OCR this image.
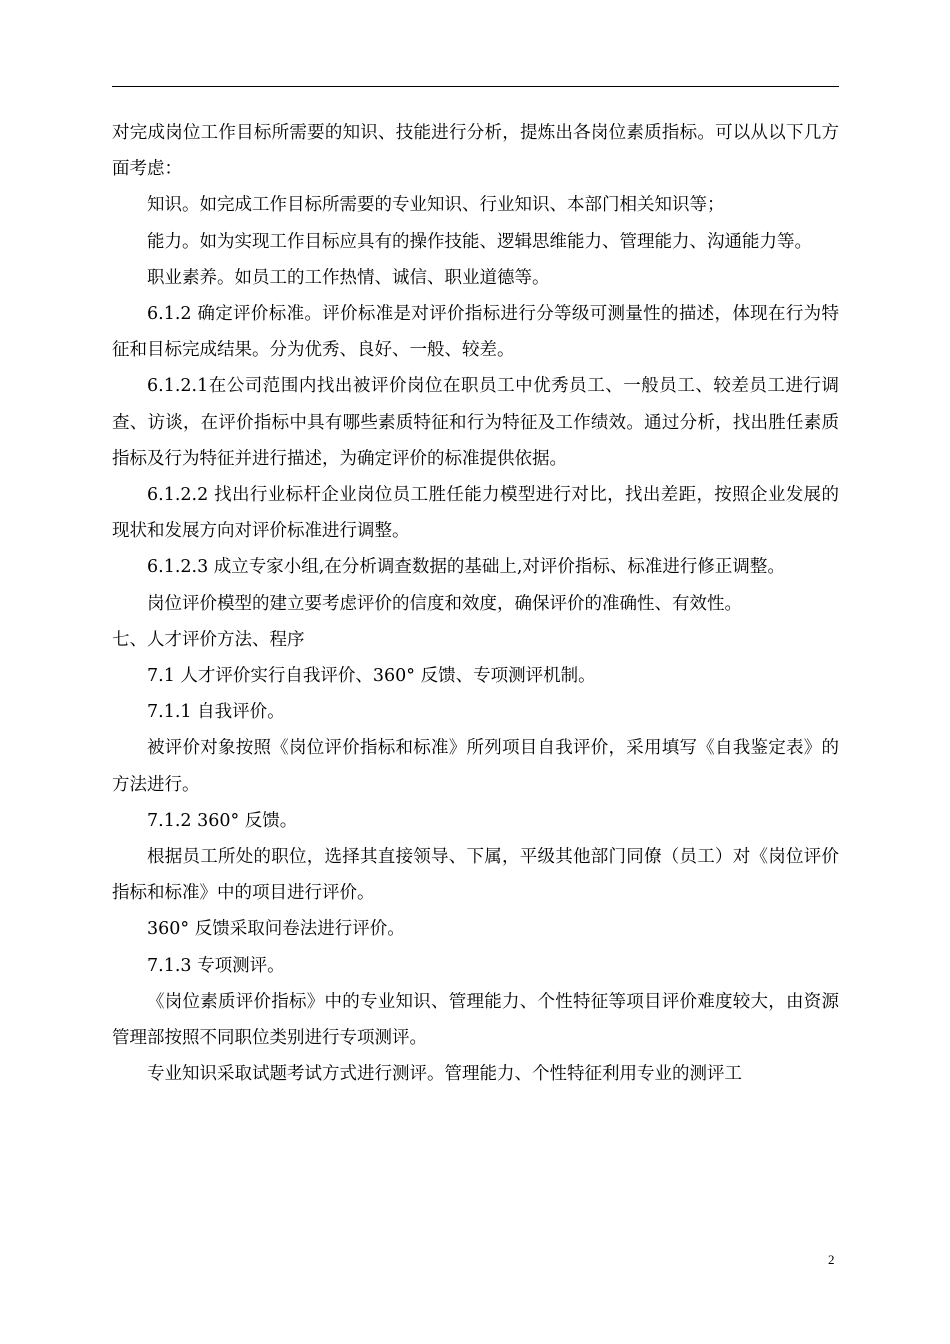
对完成岗位工作目标所需要的知识、技能进行分析，提炼出各岗位素质指标。可以从以下几方面考虑：

知识。如完成工作目标所需要的专业知识、行业知识、本部门相关知识等；

能力。如为实现工作目标应具有的操作技能、逻辑思维能力、管理能力、沟通能力等。

职业素养。如员工的工作热情、诚信、职业道德等。

6.1.2 确定评价标准。评价标准是对评价指标进行分等级可测量性的描述，体现在行为特征和目标完成结果。分为优秀、良好、一般、较差。

6.1.2.1在公司范围内找出被评价岗位在职员工中优秀员工、一般员工、较差员工进行调查、访谈，在评价指标中具有哪些素质特征和行为特征及工作绩效。通过分析，找出胜任素质指标及行为特征并进行描述，为确定评价的标准提供依据。

6.1.2.2 找出行业标杆企业岗位员工胜任能力模型进行对比，找出差距，按照企业发展的现状和发展方向对评价标准进行调整。

6.1.2.3 成立专家小组,在分析调查数据的基础上,对评价指标、标准进行修正调整。

岗位评价模型的建立要考虑评价的信度和效度，确保评价的准确性、有效性。

七、人才评价方法、程序

7.1 人才评价实行自我评价、360° 反馈、专项测评机制。

7.1.1 自我评价。

被评价对象按照《岗位评价指标和标准》所列项目自我评价，采用填写《自我鉴定表》的方法进行。

7.1.2 360° 反馈。

根据员工所处的职位，选择其直接领导、下属，平级其他部门同僚（员工）对《岗位评价指标和标准》中的项目进行评价。

360° 反馈采取问卷法进行评价。

7.1.3 专项测评。

《岗位素质评价指标》中的专业知识、管理能力、个性特征等项目评价难度较大，由资源管理部按照不同职位类别进行专项测评。

专业知识采取试题考试方式进行测评。管理能力、个性特征利用专业的测评工

2
